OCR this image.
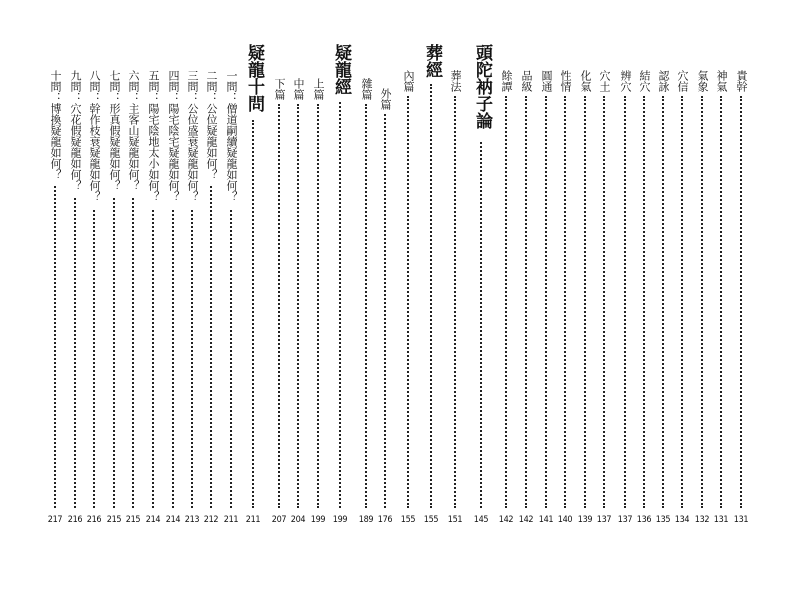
貴幹
131
神氣
131
氣象
132
穴信
134
認詠
135
結穴
136
辨穴
137
穴土
137
化氣
139
性情
140
圓通
141
品級
142
餘譚
142
頭陀衲子論
145
葬法
151
葬經
155
內篇
155
外篇
176
雜篇
189
疑龍經
199
上篇
199
中篇
204
下篇
207
疑龍十問
211
一問：僧道嗣續疑龍如何？
211
二問：公位疑龍如何？
212
三問：公位盛衰疑龍如何？
213
四問：陽宅陰宅疑龍如何？
214
五問：陽宅陰地太小如何？
214
六問：主客山疑龍如何？
215
七問：形真假疑龍如何？
215
八問：幹作枝衰疑龍如何？
216
九問：穴花假疑龍如何？
216
十問：博換疑龍如何？
217
